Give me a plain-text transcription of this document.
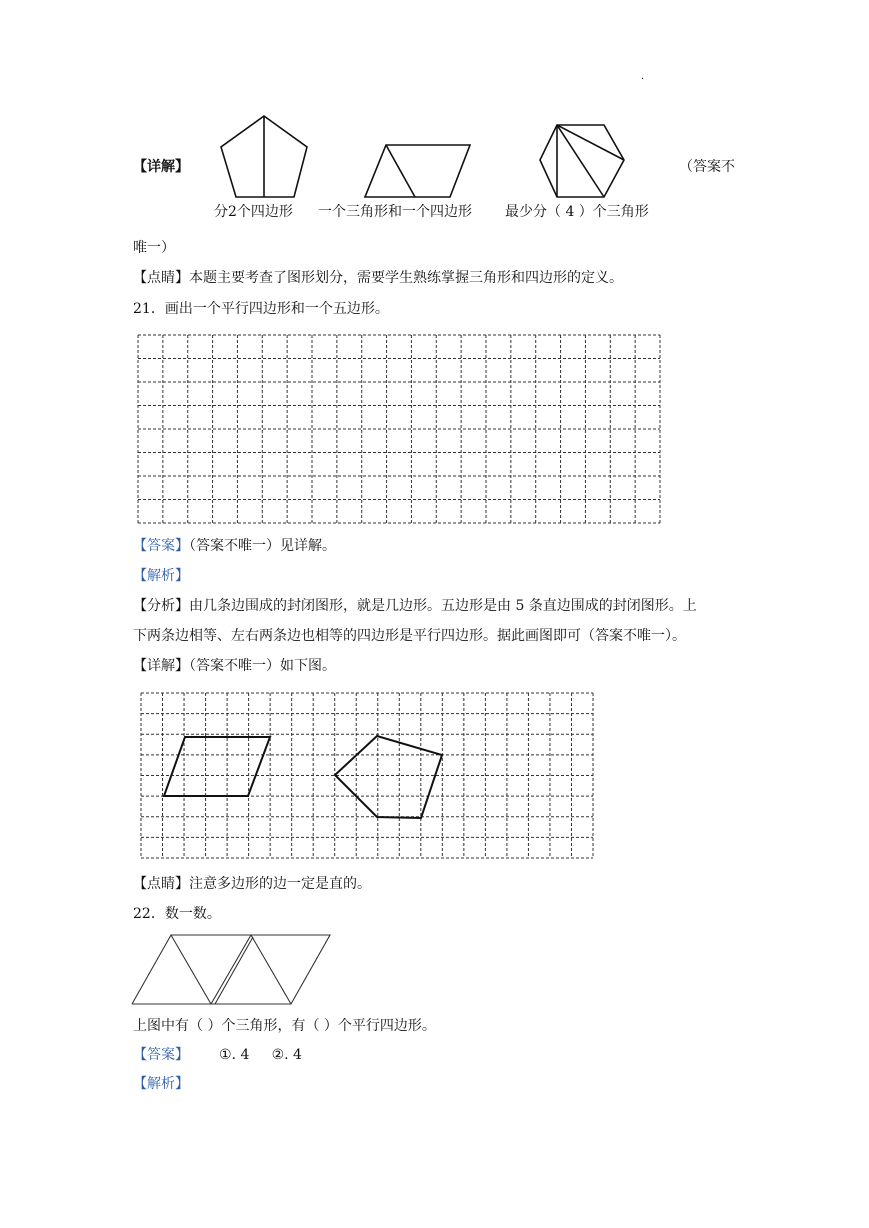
·
【详解】
分2个四边形 一个三角形和一个四边形 最少分（ 4 ）个三角形
（答案不
唯一）
【点睛】本题主要考查了图形划分，需要学生熟练掌握三角形和四边形的定义。
21．画出一个平行四边形和一个五边形。
【答案】（答案不唯一）见详解。
【解析】
【分析】由几条边围成的封闭图形，就是几边形。五边形是由 5 条直边围成的封闭图形。上
下两条边相等、左右两条边也相等的四边形是平行四边形。据此画图即可（答案不唯一）。
【详解】（答案不唯一）如下图。
【点睛】注意多边形的边一定是直的。
22．数一数。
上图中有（ ）个三角形，有（ ）个平行四边形。
【答案】 ①. 4     ②. 4
【解析】
